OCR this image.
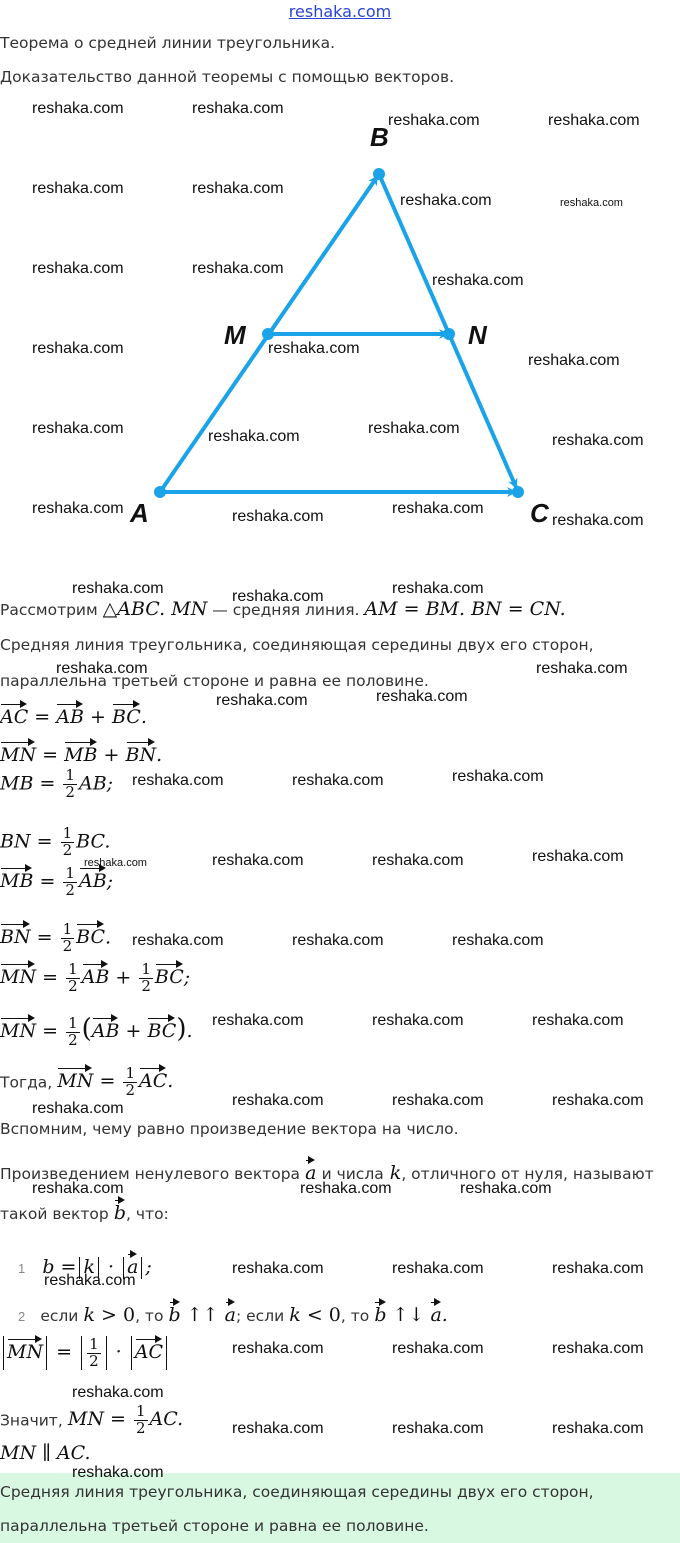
reshaka.com
Теорема о средней линии треугольника.
Доказательство данной теоремы с помощью векторов.
A
B
C
M	N
Рассмотрим △ABC. MN — средняя линия. AM = BM. BN = CN.
Средняя линия треугольника, соединяющая середины двух его сторон,
параллельна третьей стороне и равна ее половине.
AC = AB + BC.
MN = MB + BN.
MB = $\frac{1}{2}$ AB;
BN = $\frac{1}{2}$ BC.
MB = $\frac{1}{2}$ AB;
BN = $\frac{1}{2}$ BC.
MN = $\frac{1}{2}$ AB + $\frac{1}{2}$ BC;
MN = $\frac{1}{2} (AB + BC)$.
Тогда, MN = $\frac{1}{2}$ AC.
Вспомним, чему равно произведение вектора на число.
Произведением ненулевого вектора a и числа k, отличного от нуля, называют
такой вектор b, что:
1 b = k · a ;
2 если k > 0, то b ↑↑ a; если k < 0, то b ↑↓ a.
MN = $\frac{1}{2}$ · AC
Значит, MN = $\frac{1}{2}$ AC.
MN ∥ AC.
Средняя линия треугольника, соединяющая середины двух его сторон,
параллельна третьей стороне и равна ее половине.
reshaka.com	reshaka.com
reshaka.com	reshaka.com
reshaka.com	reshaka.com
reshaka.com	reshaka.com
reshaka.com	reshaka.com
reshaka.com
reshaka.com	reshaka.com
reshaka.com
reshaka.com	reshaka.com	reshaka.com
reshaka.com
reshaka.com	reshaka.com	reshaka.com
reshaka.com
reshaka.com	reshaka.com	reshaka.com
reshaka.com	reshaka.com
reshaka.com	reshaka.com
reshaka.com	reshaka.com	reshaka.com
reshaka.com	reshaka.com	reshaka.com	reshaka.com
reshaka.com	reshaka.com	reshaka.com
reshaka.com	reshaka.com	reshaka.com
reshaka.com	reshaka.com	reshaka.com
reshaka.com
reshaka.com	reshaka.com	reshaka.com
reshaka.com	reshaka.com	reshaka.com
reshaka.com
reshaka.com	reshaka.com	reshaka.com
reshaka.com
reshaka.com	reshaka.com	reshaka.com
reshaka.com
